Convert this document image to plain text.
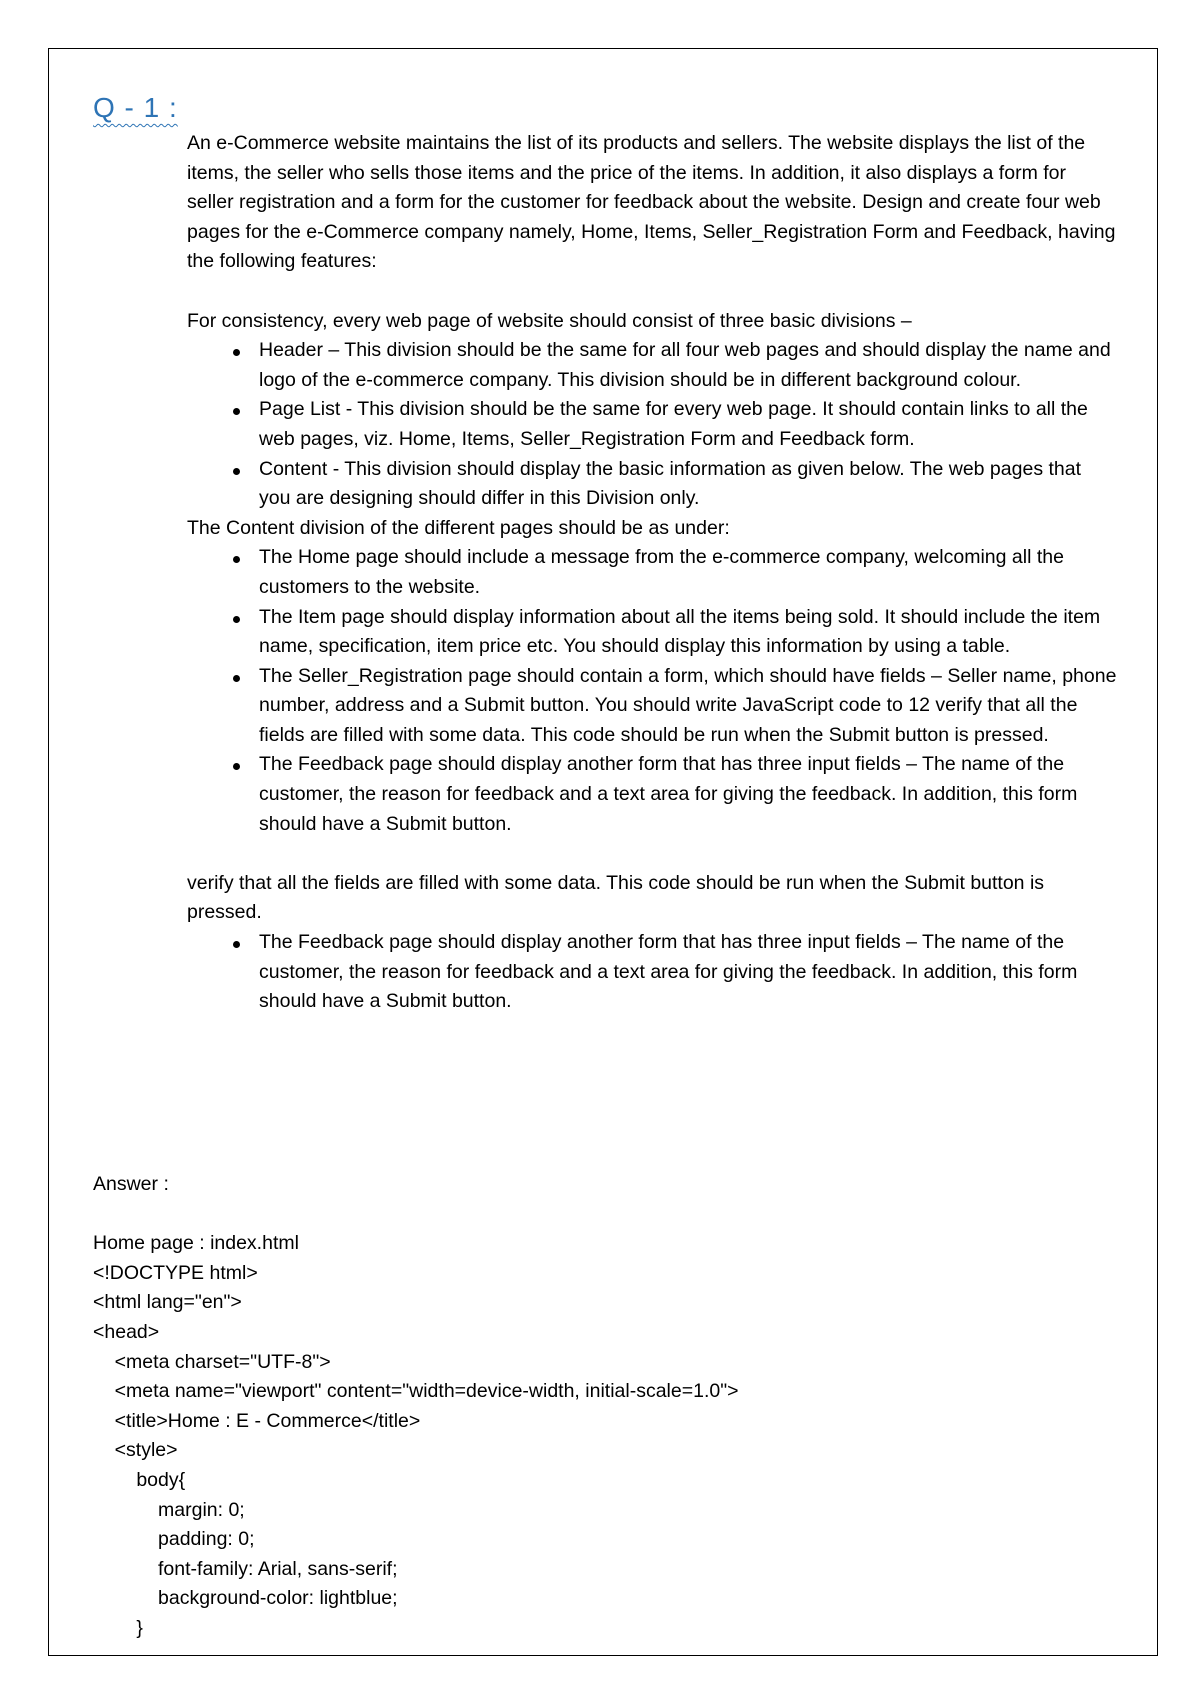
Q - 1 :

An e-Commerce website maintains the list of its products and sellers. The website displays the list of the items, the seller who sells those items and the price of the items. In addition, it also displays a form for seller registration and a form for the customer for feedback about the website. Design and create four web pages for the e-Commerce company namely, Home, Items, Seller_Registration Form and Feedback, having the following features:

For consistency, every web page of website should consist of three basic divisions –

Header – This division should be the same for all four web pages and should display the name and logo of the e-commerce company. This division should be in different background colour.
Page List - This division should be the same for every web page. It should contain links to all the web pages, viz. Home, Items, Seller_Registration Form and Feedback form.
Content - This division should display the basic information as given below. The web pages that you are designing should differ in this Division only.

The Content division of the different pages should be as under:

The Home page should include a message from the e-commerce company, welcoming all the customers to the website.
The Item page should display information about all the items being sold. It should include the item name, specification, item price etc. You should display this information by using a table.
The Seller_Registration page should contain a form, which should have fields – Seller name, phone number, address and a Submit button. You should write JavaScript code to 12 verify that all the fields are filled with some data. This code should be run when the Submit button is pressed.
The Feedback page should display another form that has three input fields – The name of the customer, the reason for feedback and a text area for giving the feedback. In addition, this form should have a Submit button.

verify that all the fields are filled with some data. This code should be run when the Submit button is pressed.

The Feedback page should display another form that has three input fields – The name of the customer, the reason for feedback and a text area for giving the feedback. In addition, this form should have a Submit button.
Answer :
Home page : index.html
<!DOCTYPE html>
<html lang="en">
<head>
<meta charset="UTF-8">
<meta name="viewport" content="width=device-width, initial-scale=1.0">
<title>Home : E - Commerce</title>
<style>
body{
margin: 0;
padding: 0;
font-family: Arial, sans-serif;
background-color: lightblue;
}
